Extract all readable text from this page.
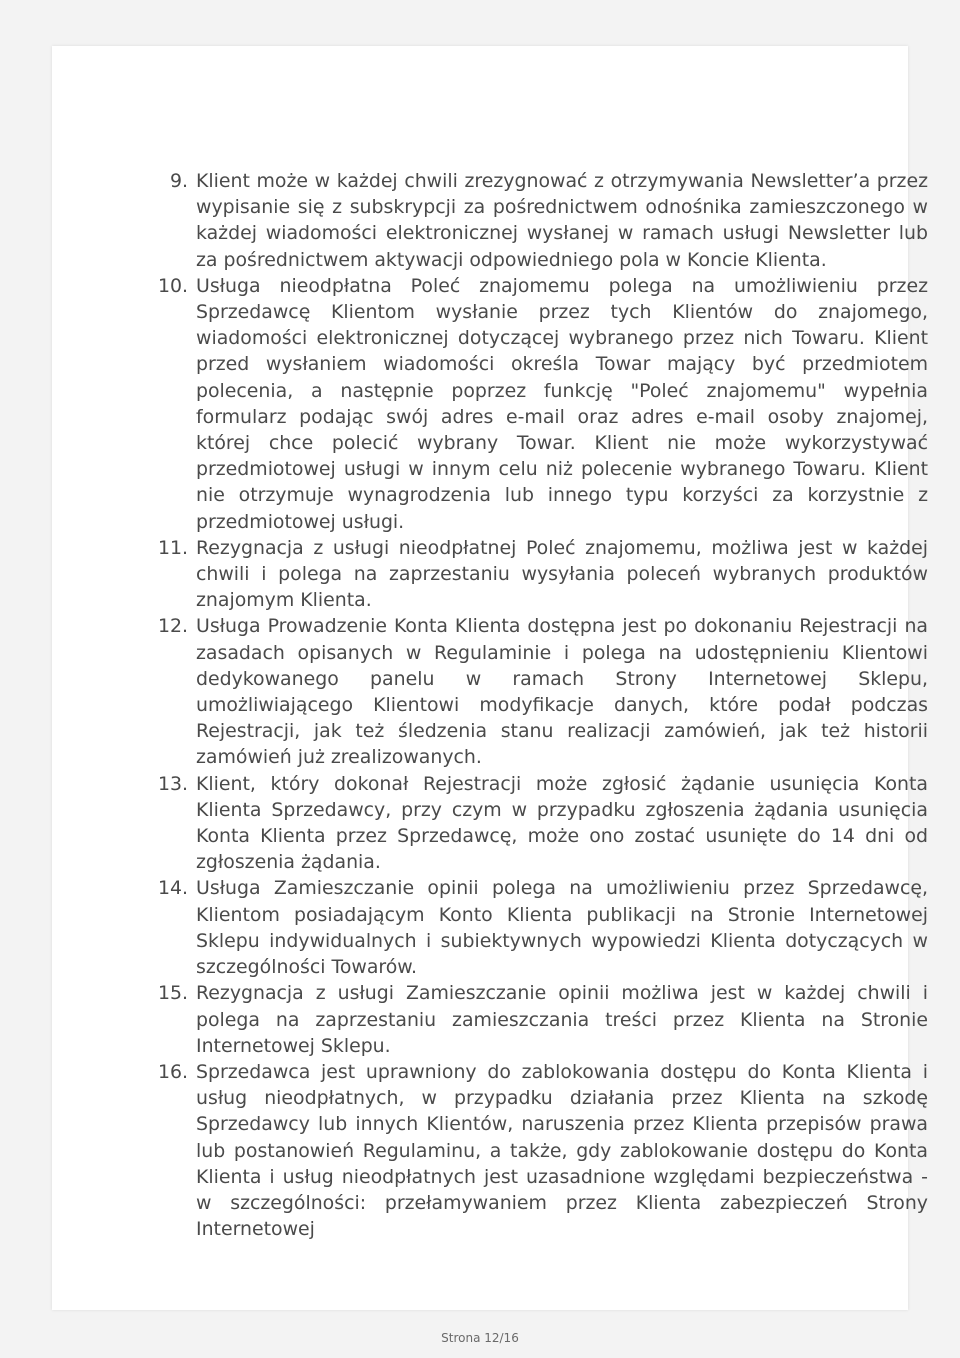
9. Klient może w każdej chwili zrezygnować z otrzymywania Newsletter’a przez wypisanie się z subskrypcji za pośrednictwem odnośnika zamieszczonego w każdej wiadomości elektronicznej wysłanej w ramach usługi Newsletter lub za pośrednictwem aktywacji odpowiedniego pola w Koncie Klienta.
10. Usługa nieodpłatna Poleć znajomemu polega na umożliwieniu przez Sprzedawcę Klientom wysłanie przez tych Klientów do znajomego, wiadomości elektronicznej dotyczącej wybranego przez nich Towaru. Klient przed wysłaniem wiadomości określa Towar mający być przedmiotem polecenia, a następnie poprzez funkcję "Poleć znajomemu" wypełnia formularz podając swój adres e-mail oraz adres e-mail osoby znajomej, której chce polecić wybrany Towar. Klient nie może wykorzystywać przedmiotowej usługi w innym celu niż polecenie wybranego Towaru. Klient nie otrzymuje wynagrodzenia lub innego typu korzyści za korzystnie z przedmiotowej usługi.
11. Rezygnacja z usługi nieodpłatnej Poleć znajomemu, możliwa jest w każdej chwili i polega na zaprzestaniu wysyłania poleceń wybranych produktów znajomym Klienta.
12. Usługa Prowadzenie Konta Klienta dostępna jest po dokonaniu Rejestracji na zasadach opisanych w Regulaminie i polega na udostępnieniu Klientowi dedykowanego panelu w ramach Strony Internetowej Sklepu, umożliwiającego Klientowi modyfikacje danych, które podał podczas Rejestracji, jak też śledzenia stanu realizacji zamówień, jak też historii zamówień już zrealizowanych.
13. Klient, który dokonał Rejestracji może zgłosić żądanie usunięcia Konta Klienta Sprzedawcy, przy czym w przypadku zgłoszenia żądania usunięcia Konta Klienta przez Sprzedawcę, może ono zostać usunięte do 14 dni od zgłoszenia żądania.
14. Usługa Zamieszczanie opinii polega na umożliwieniu przez Sprzedawcę, Klientom posiadającym Konto Klienta publikacji na Stronie Internetowej Sklepu indywidualnych i subiektywnych wypowiedzi Klienta dotyczących w szczególności Towarów.
15. Rezygnacja z usługi Zamieszczanie opinii możliwa jest w każdej chwili i polega na zaprzestaniu zamieszczania treści przez Klienta na Stronie Internetowej Sklepu.
16. Sprzedawca jest uprawniony do zablokowania dostępu do Konta Klienta i usług nieodpłatnych, w przypadku działania przez Klienta na szkodę Sprzedawcy lub innych Klientów, naruszenia przez Klienta przepisów prawa lub postanowień Regulaminu, a także, gdy zablokowanie dostępu do Konta Klienta i usług nieodpłatnych jest uzasadnione względami bezpieczeństwa - w szczególności: przełamywaniem przez Klienta zabezpieczeń Strony Internetowej
Strona 12/16
